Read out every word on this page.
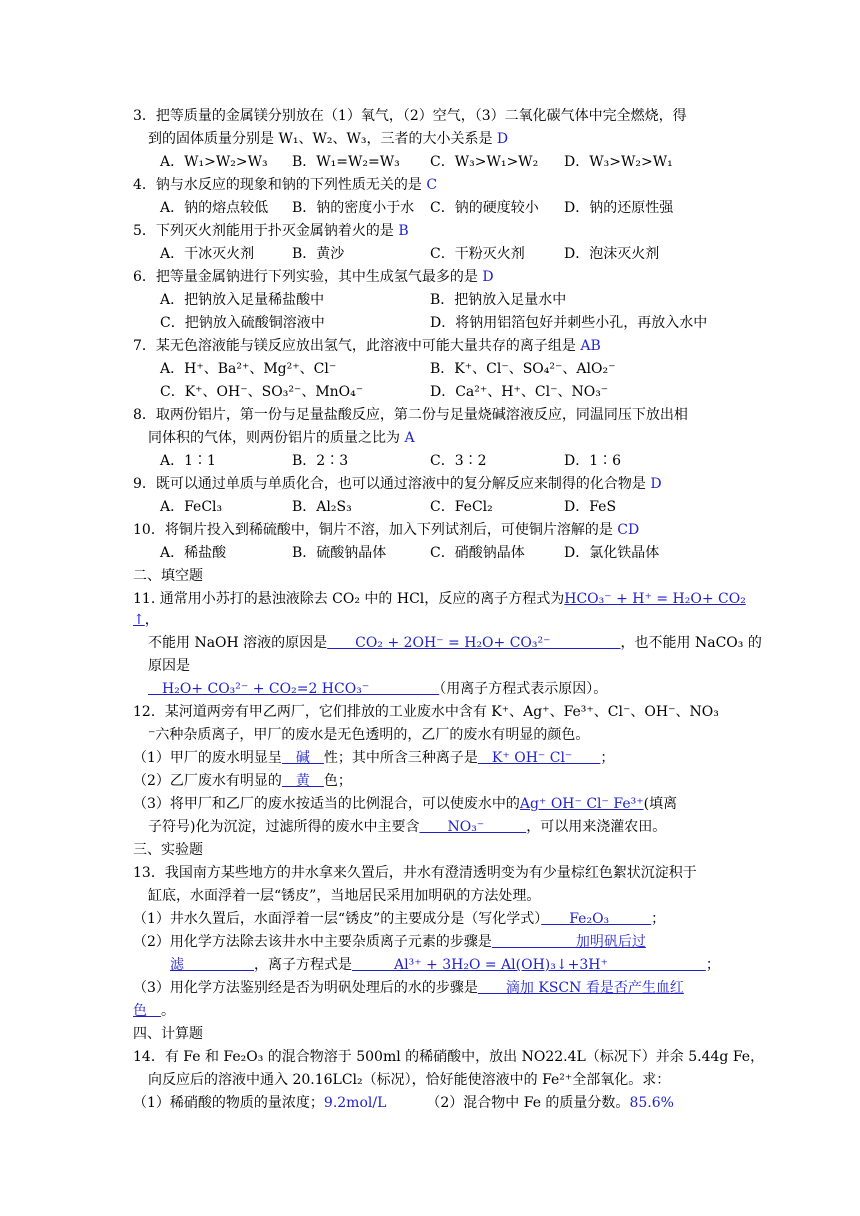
3．把等质量的金属镁分别放在（1）氧气，（2）空气，（3）二氧化碳气体中完全燃烧，得
到的固体质量分别是 W₁、W₂、W₃，三者的大小关系是 D
A．W₁>W₂>W₃ B．W₁=W₂=W₃ C．W₃>W₁>W₂ D．W₃>W₂>W₁
4．钠与水反应的现象和钠的下列性质无关的是 C
A．钠的熔点较低 B．钠的密度小于水 C．钠的硬度较小 D．钠的还原性强
5．下列灭火剂能用于扑灭金属钠着火的是 B
A．干冰灭火剂	B．黄沙	C．干粉灭火剂	D．泡沫灭火剂
6．把等量金属钠进行下列实验，其中生成氢气最多的是 D
A．把钠放入足量稀盐酸中	B．把钠放入足量水中
C．把钠放入硫酸铜溶液中	D．将钠用铝箔包好并刺些小孔，再放入水中
7．某无色溶液能与镁反应放出氢气，此溶液中可能大量共存的离子组是 AB
A．H⁺、Ba²⁺、Mg²⁺、Cl⁻	B．K⁺、Cl⁻、SO₄²⁻、AlO₂⁻
C．K⁺、OH⁻、SO₃²⁻、MnO₄⁻	D．Ca²⁺、H⁺、Cl⁻、NO₃⁻
8．取两份铝片，第一份与足量盐酸反应，第二份与足量烧碱溶液反应，同温同压下放出相
同体积的气体，则两份铝片的质量之比为 A
A．1∶1	B．2∶3	C．3∶2	D．1∶6
9．既可以通过单质与单质化合，也可以通过溶液中的复分解反应来制得的化合物是 D
A．FeCl₃	B．Al₂S₃	C．FeCl₂	D．FeS
10．将铜片投入到稀硫酸中，铜片不溶，加入下列试剂后，可使铜片溶解的是 CD
A．稀盐酸	B．硫酸钠晶体	C．硝酸钠晶体	D．氯化铁晶体
二、填空题
11. 通常用小苏打的悬浊液除去 CO₂ 中的 HCl，反应的离子方程式为HCO₃⁻ + H⁺ = H₂O+ CO₂
↑，
不能用 NaOH 溶液的原因是　　CO₂ + 2OH⁻ = H₂O+ CO₃²⁻　　　　　，也不能用 NaCO₃ 的
原因是
　H₂O+ CO₃²⁻ + CO₂=2 HCO₃⁻　　　　　（用离子方程式表示原因）。
12．某河道两旁有甲乙两厂，它们排放的工业废水中含有 K⁺、Ag⁺、Fe³⁺、Cl⁻、OH⁻、NO₃
⁻六种杂质离子，甲厂的废水是无色透明的，乙厂的废水有明显的颜色。
（1）甲厂的废水明显呈　碱　性；其中所含三种离子是　K⁺ OH⁻ Cl⁻　　；
（2）乙厂废水有明显的　黄　色；
（3）将甲厂和乙厂的废水按适当的比例混合，可以使废水中的Ag⁺ OH⁻ Cl⁻ Fe³⁺(填离
子符号)化为沉淀，过滤所得的废水中主要含　　NO₃⁻　　　，可以用来浇灌农田。
三、实验题
13．我国南方某些地方的井水拿来久置后，井水有澄清透明变为有少量棕红色絮状沉淀积于
缸底，水面浮着一层“锈皮”，当地居民采用加明矾的方法处理。
（1）井水久置后，水面浮着一层“锈皮”的主要成分是（写化学式）　　Fe₂O₃　　　；
（2）用化学方法除去该井水中主要杂质离子元素的步骤是　　　　　　加明矾后过
滤　　　　　，离子方程式是　　　Al³⁺ + 3H₂O = Al(OH)₃↓+3H⁺　　　　　　　；
（3）用化学方法鉴别经是否为明矾处理后的水的步骤是　　滴加 KSCN 看是否产生血红
色　。
四、计算题
14．有 Fe 和 Fe₂O₃ 的混合物溶于 500ml 的稀硝酸中，放出 NO22.4L（标况下）并余 5.44g Fe，
向反应后的溶液中通入 20.16LCl₂（标况），恰好能使溶液中的 Fe²⁺全部氧化。求：
（1）稀硝酸的物质的量浓度；9.2mol/L	（2）混合物中 Fe 的质量分数。85.6%
